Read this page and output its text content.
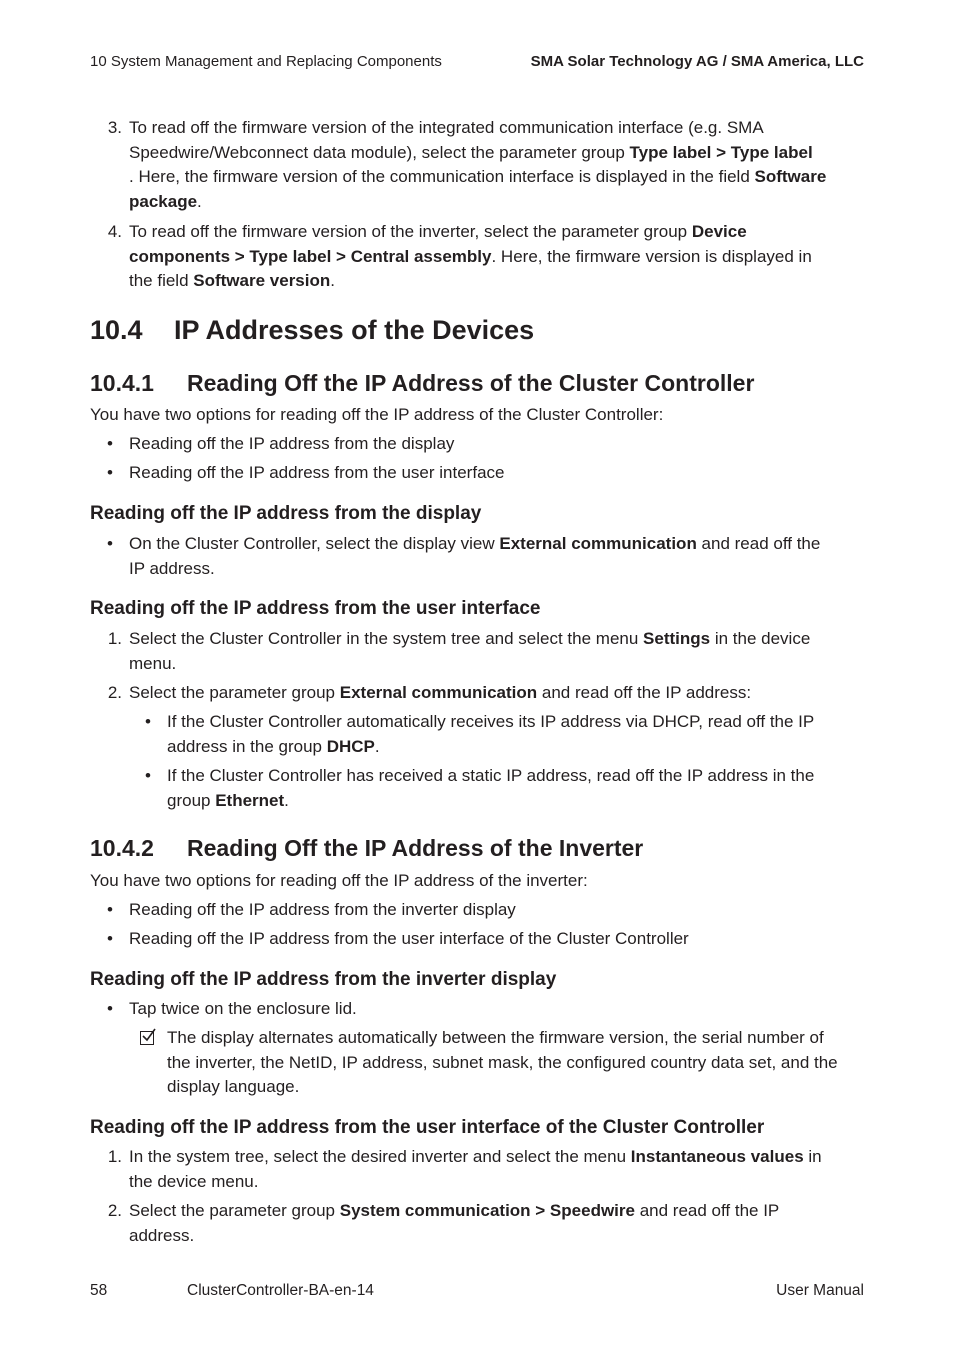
10 System Management and Replacing Components	SMA Solar Technology AG / SMA America, LLC
3. To read off the firmware version of the integrated communication interface (e.g. SMA
Speedwire/Webconnect data module), select the parameter group Type label > Type label
. Here, the firmware version of the communication interface is displayed in the field Software
package.
4. To read off the firmware version of the inverter, select the parameter group Device
components > Type label > Central assembly. Here, the firmware version is displayed in
the field Software version.
10.4 IP Addresses of the Devices
10.4.1 Reading Off the IP Address of the Cluster Controller
You have two options for reading off the IP address of the Cluster Controller:
• Reading off the IP address from the display
• Reading off the IP address from the user interface
Reading off the IP address from the display
• On the Cluster Controller, select the display view External communication and read off the
IP address.
Reading off the IP address from the user interface
1. Select the Cluster Controller in the system tree and select the menu Settings in the device
menu.
2. Select the parameter group External communication and read off the IP address:
• If the Cluster Controller automatically receives its IP address via DHCP, read off the IP
address in the group DHCP.
• If the Cluster Controller has received a static IP address, read off the IP address in the
group Ethernet.
10.4.2 Reading Off the IP Address of the Inverter
You have two options for reading off the IP address of the inverter:
• Reading off the IP address from the inverter display
• Reading off the IP address from the user interface of the Cluster Controller
Reading off the IP address from the inverter display
• Tap twice on the enclosure lid.
The display alternates automatically between the firmware version, the serial number of
the inverter, the NetID, IP address, subnet mask, the configured country data set, and the
display language.
Reading off the IP address from the user interface of the Cluster Controller
1. In the system tree, select the desired inverter and select the menu Instantaneous values in
the device menu.
2. Select the parameter group System communication > Speedwire and read off the IP
address.
58	ClusterController-BA-en-14	User Manual
